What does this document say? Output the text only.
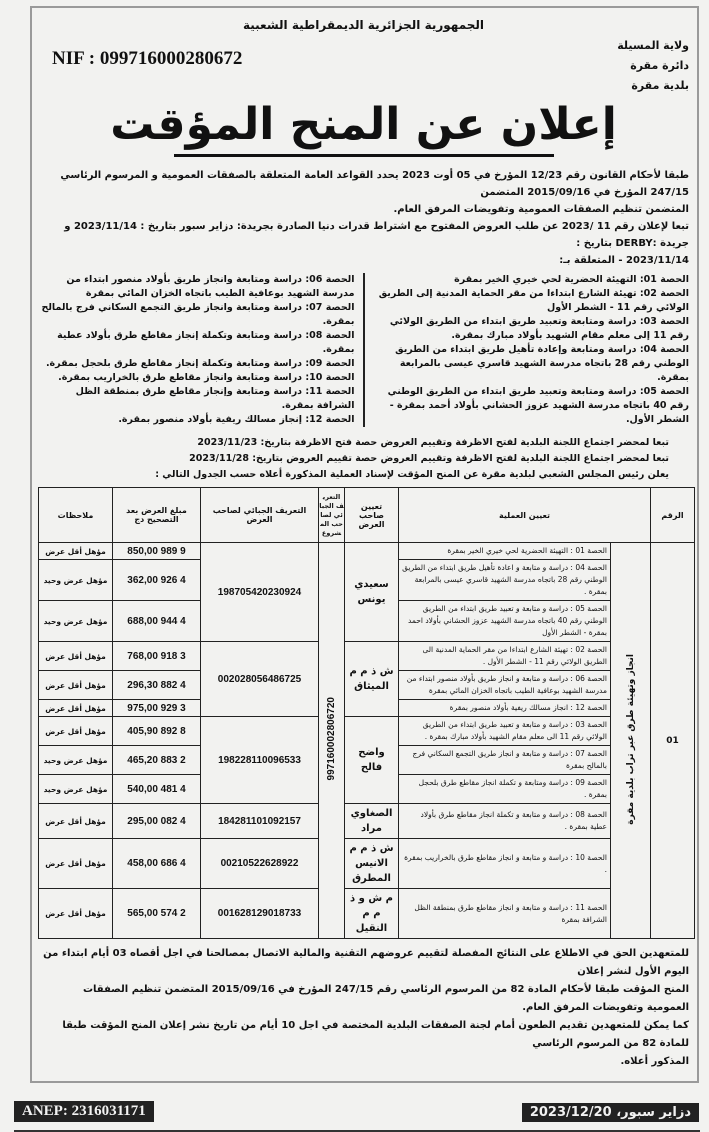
الجمهورية الجزائرية الديمقراطية الشعبية
NIF : 099716000280672
ولاية المسيلة
دائرة مقرة
بلدية مقرة
إعلان عن المنح المؤقت
طبقا لأحكام القانون رقم 12/23 المؤرخ في 05 أوت 2023 يحدد القواعد العامة المتعلقة بالصفقات العمومية و المرسوم الرئاسي 247/15 المؤرخ في 2015/09/16 المتضمن
المتضمن تنظيم الصفقات العمومية وتفويضات المرفق العام.
تبعا لإعلان رقم 11 /2023 عن طلب العروض المفتوح مع اشتراط قدرات دنيا الصادرة بجريدة: دزاير سبور بتاريخ : 2023/11/14 و جريدة :DERBY بتاريخ :
2023/11/14 - المتعلقة بـ:
الحصة 01: التهيئة الحضرية لحي خيري الخير بمقرة
الحصة 02: تهيئة الشارع ابتداءا من مقر الحماية المدنية إلى الطريق الولائي رقم 11 - الشطر الأول
الحصة 03: دراسة ومتابعة وتعبيد طريق ابتداء من الطريق الولائي رقم 11 إلى معلم مقام الشهيد بأولاد مبارك بمقرة.
الحصة 04: دراسة ومتابعة وإعادة تأهيل طريق ابتداء من الطريق الوطني رقم 28 باتجاه مدرسة الشهيد قاسري عيسى بالمرابعة بمقرة.
الحصة 05: دراسة ومتابعة وتعبيد طريق ابتداء من الطريق الوطني رقم 40 باتجاه مدرسة الشهيد عزوز الحشاني بأولاد أحمد بمقرة - الشطر الأول.
الحصة 06: دراسة ومتابعة وانجاز طريق بأولاد منصور ابتداء من مدرسة الشهيد بوعافية الطيب باتجاه الخزان المائي بمقرة
الحصة 07: دراسة ومتابعة وانجاز طريق التجمع السكاني فرج بالمالح بمقرة.
الحصة 08: دراسة ومتابعة وتكملة إنجاز مقاطع طرق بأولاد عطية بمقرة.
الحصة 09: دراسة ومتابعة وتكملة إنجاز مقاطع طرق بلحجل بمقرة.
الحصة 10: دراسة ومتابعة وانجاز مقاطع طرق بالخراريب بمقرة.
الحصة 11: دراسة ومتابعة وإنجاز مقاطع طرق بمنطقة الظل الشرافة بمقرة.
الحصة 12: إنجاز مسالك ريفية بأولاد منصور بمقرة.
تبعا لمحضر اجتماع اللجنة البلدية لفتح الاظرفة وتقييم العروض حصة فتح الاظرفة بتاريخ: 2023/11/23
تبعا لمحضر اجتماع اللجنة البلدية لفتح الاظرفة وتقييم العروض حصة تقييم العروض بتاريخ: 2023/11/28
يعلن رئيس المجلس الشعبي لبلدية مقرة عن المنح المؤقت لإسناد العملية المذكورة أعلاه حسب الجدول التالي :
الرقم	تعيين العملية		تعيين صاحب العرض	التعريف الجبائي لصاحب المشروع	التعريف الجبائي لصاحب العرض	مبلغ العرض بعد التصحيح دج	ملاحظات
01	انجاز وتهيئة طرق عبر تراب بلدية مقرة	الحصة 01 : التهيئة الحضرية لحي خيري الخير بمقرة	سعيدي يونس	997160002806720	198705420230924	9 989 850,00	مؤهل أقل عرض
		الحصة 04 : دراسة و متابعة و اعادة تأهيل طريق ابتداء من الطريق الوطني رقم 28 باتجاه مدرسة الشهيد قاسري عيسى بالمرابعة بمقرة .				4 926 362,00	مؤهل عرض وحيد
		الحصة 05 : دراسة و متابعة و تعبيد طريق ابتداء من الطريق الوطني رقم 40 باتجاه مدرسة الشهيد عزوز الحشاني بأولاد احمد بمقرة - الشطر الأول				4 944 688,00	مؤهل عرض وحيد
		الحصة 02 : تهيئة الشارع ابتداءا من مقر الحماية المدنية الى الطريق الولائي رقم 11 - الشطر الأول .	ش ذ م م الميثاق		002028056486725	3 918 768,00	مؤهل أقل عرض
		الحصة 06 : دراسة و متابعة و انجاز طريق بأولاد منصور ابتداء من مدرسة الشهيد بوعافية الطيب باتجاه الخزان المائي بمقرة				4 882 296,30	مؤهل أقل عرض
		الحصة 12 : انجاز مسالك ريفية بأولاد منصور بمقرة				3 929 975,00	مؤهل أقل عرض
		الحصة 03 : دراسة و متابعة و تعبيد طريق ابتداء من الطريق الولائي رقم 11 الى معلم مقام الشهيد بأولاد مبارك بمقرة .	واضح فالح		198228110096533	8 892 405,90	مؤهل أقل عرض
		الحصة 07 : دراسة و متابعة و انجاز طريق التجمع السكاني فرج بالمالح بمقرة				2 883 465,20	مؤهل عرض وحيد
		الحصة 09 : دراسة ومتابعة و تكملة انجاز مقاطع طرق بلحجل بمقرة .				4 481 540,00	مؤهل عرض وحيد
		الحصة 08 : دراسة و متابعة و تكملة انجاز مقاطع طرق بأولاد عطية بمقرة .	الصغاوي مراد		184281101092157	4 082 295,00	مؤهل أقل عرض
		الحصة 10 : دراسة و متابعة و انجاز مقاطع طرق بالخراريب بمقرة .	ش ذ م م الانيس المطرق		00210522628922	4 686 458,00	مؤهل أقل عرض
		الحصة 11 : دراسة و متابعة و انجاز مقاطع طرق بمنطقة الظل الشرافة بمقرة	م ش و ذ م م النقيل		001628129018733	2 574 565,00	مؤهل أقل عرض
للمتعهدين الحق في الاطلاع على النتائج المفصلة لتقييم عروضهم التقنية والمالية الاتصال بمصالحنا في اجل أقصاه 03 أيام ابتداء من اليوم الأول لنشر إعلان
المنح المؤقت طبقا لأحكام المادة 82 من المرسوم الرئاسي رقم 247/15 المؤرخ في 2015/09/16 المتضمن تنظيم الصفقات العمومية وتفويضات المرفق العام.
كما يمكن للمتعهدين تقديم الطعون أمام لجنة الصفقات البلدية المختصة في اجل 10 أيام من تاريخ نشر إعلان المنح المؤقت طبقا للمادة 82 من المرسوم الرئاسي
المذكور أعلاه.
ANEP: 2316031171	دزاير سبور، 2023/12/20
